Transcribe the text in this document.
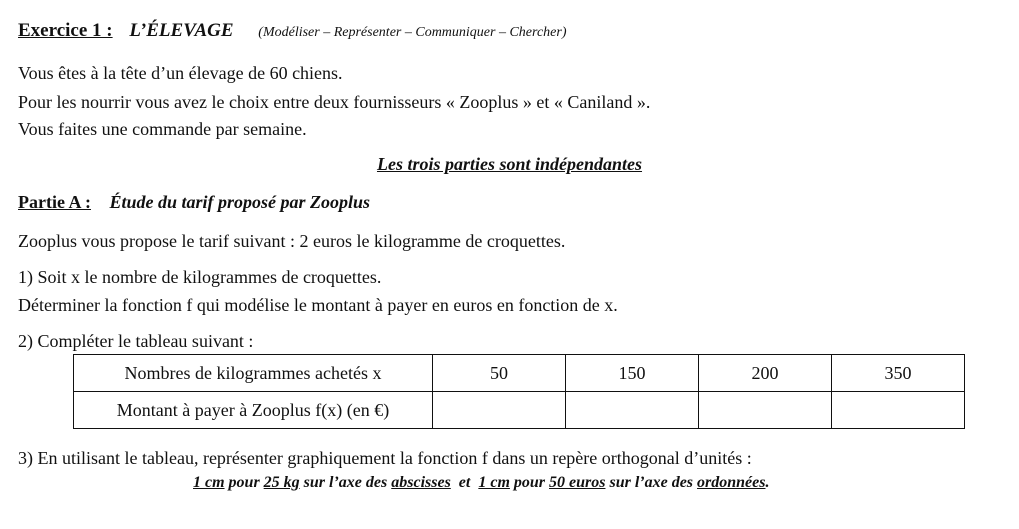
Exercice 1 : L’ÉLEVAGE (Modéliser – Représenter – Communiquer – Chercher)
Vous êtes à la tête d’un élevage de 60 chiens.
Pour les nourrir vous avez le choix entre deux fournisseurs « Zooplus » et « Caniland ».
Vous faites une commande par semaine.
Les trois parties sont indépendantes
Partie A : Étude du tarif proposé par Zooplus
Zooplus vous propose le tarif suivant : 2 euros le kilogramme de croquettes.
1) Soit x le nombre de kilogrammes de croquettes.
Déterminer la fonction f qui modélise le montant à payer en euros en fonction de x.
2) Compléter le tableau suivant :
Nombres de kilogrammes achetés x	50	150	200	350
Montant à payer à Zooplus f(x) (en €)				
3) En utilisant le tableau, représenter graphiquement la fonction f dans un repère orthogonal d’unités :
1 cm pour 25 kg sur l’axe des abscisses  et  1 cm pour 50 euros sur l’axe des ordonnées.
